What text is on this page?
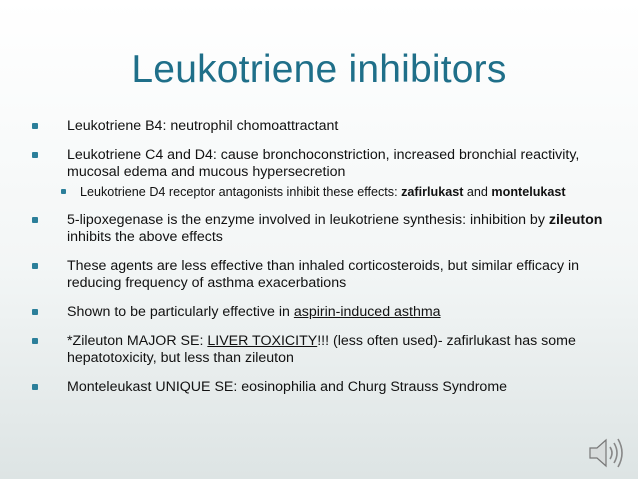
Leukotriene inhibitors
Leukotriene B4: neutrophil chomoattractant
Leukotriene C4 and D4: cause bronchoconstriction, increased bronchial reactivity, mucosal edema and mucous hypersecretion
Leukotriene D4 receptor antagonists inhibit these effects: zafirlukast and montelukast
5-lipoxegenase is the enzyme involved in leukotriene synthesis: inhibition by zileuton inhibits the above effects
These agents are less effective than inhaled corticosteroids, but similar efficacy in reducing frequency of asthma exacerbations
Shown to be particularly effective in aspirin-induced asthma
*Zileuton MAJOR SE: LIVER TOXICITY!!! (less often used)- zafirlukast has some hepatotoxicity, but less than zileuton
Monteleukast UNIQUE SE: eosinophilia and Churg Strauss Syndrome
